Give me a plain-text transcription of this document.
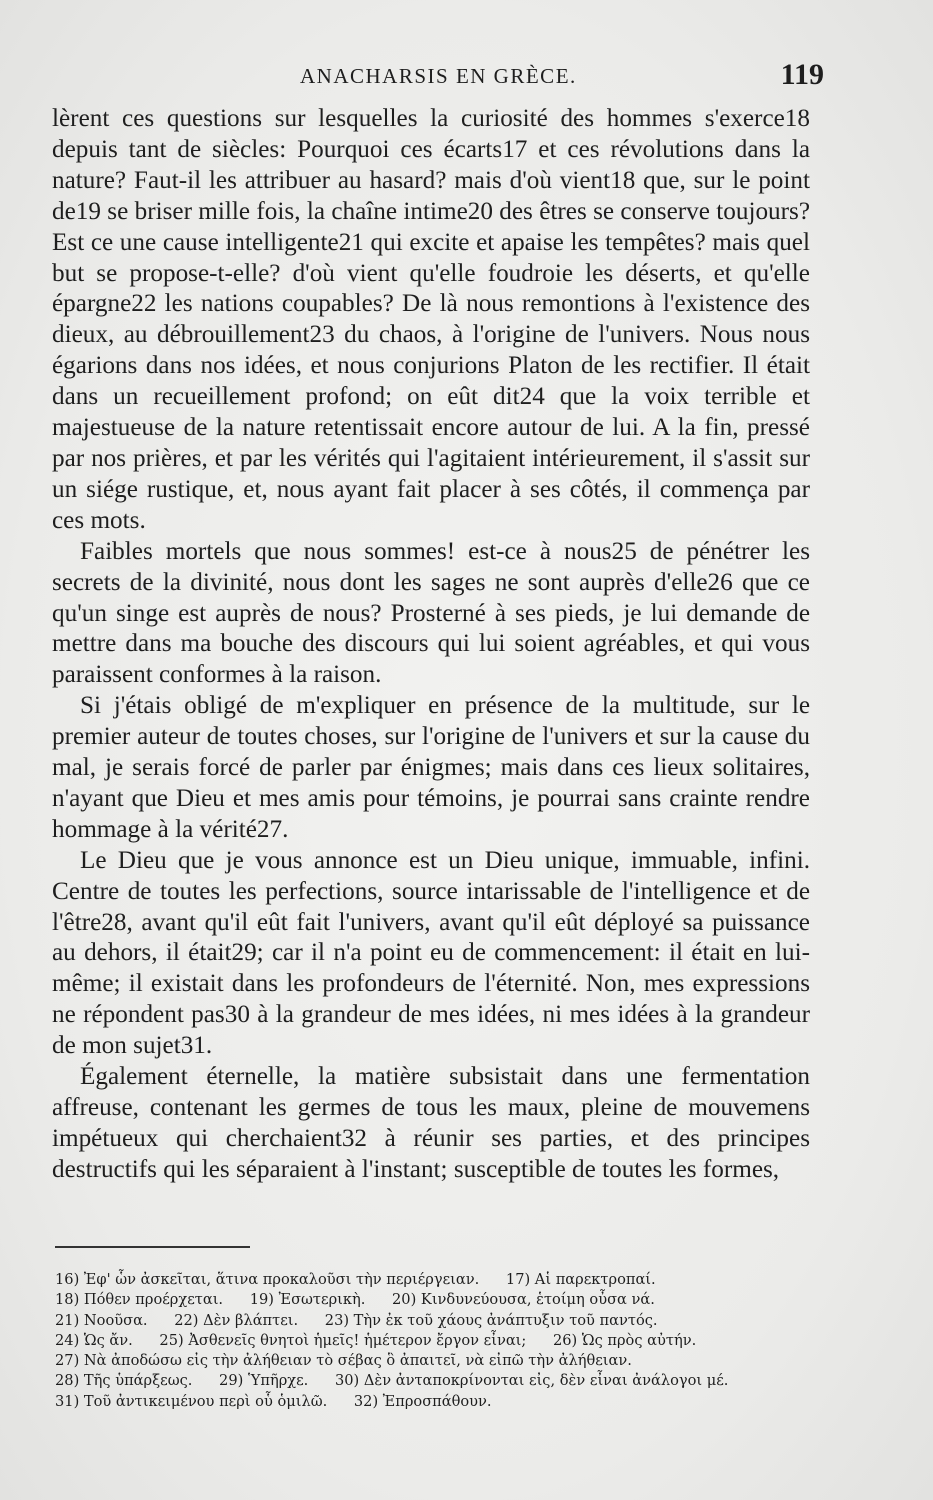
ANACHARSIS EN GRÈCE.	119

lèrent ces questions sur lesquelles la curiosité des hommes s'exerce18 depuis tant de siècles: Pourquoi ces écarts17 et ces révolutions dans la nature? Faut-il les attribuer au hasard? mais d'où vient18 que, sur le point de19 se briser mille fois, la chaîne intime20 des êtres se conserve toujours? Est ce une cause intelligente21 qui excite et apaise les tempêtes? mais quel but se propose-t-elle? d'où vient qu'elle foudroie les déserts, et qu'elle épargne22 les nations coupables? De là nous remontions à l'existence des dieux, au débrouillement23 du chaos, à l'origine de l'univers. Nous nous égarions dans nos idées, et nous conjurions Platon de les rectifier. Il était dans un recueillement profond; on eût dit24 que la voix terrible et majestueuse de la nature retentissait encore autour de lui. A la fin, pressé par nos prières, et par les vérités qui l'agitaient intérieurement, il s'assit sur un siége rustique, et, nous ayant fait placer à ses côtés, il commença par ces mots.

Faibles mortels que nous sommes! est-ce à nous25 de pénétrer les secrets de la divinité, nous dont les sages ne sont auprès d'elle26 que ce qu'un singe est auprès de nous? Prosterné à ses pieds, je lui demande de mettre dans ma bouche des discours qui lui soient agréables, et qui vous paraissent conformes à la raison.

Si j'étais obligé de m'expliquer en présence de la multitude, sur le premier auteur de toutes choses, sur l'origine de l'univers et sur la cause du mal, je serais forcé de parler par énigmes; mais dans ces lieux solitaires, n'ayant que Dieu et mes amis pour témoins, je pourrai sans crainte rendre hommage à la vérité27.

Le Dieu que je vous annonce est un Dieu unique, immuable, infini. Centre de toutes les perfections, source intarissable de l'intelligence et de l'être28, avant qu'il eût fait l'univers, avant qu'il eût déployé sa puissance au dehors, il était29; car il n'a point eu de commencement: il était en lui-même; il existait dans les profondeurs de l'éternité. Non, mes expressions ne répondent pas30 à la grandeur de mes idées, ni mes idées à la grandeur de mon sujet31.

Également éternelle, la matière subsistait dans une fermentation affreuse, contenant les germes de tous les maux, pleine de mouvemens impétueux qui cherchaient32 à réunir ses parties, et des principes destructifs qui les séparaient à l'instant; susceptible de toutes les formes,

16) Ἐφ' ὧν ἀσκεῖται, ἅτινα προκαλοῦσι τὴν περιέργειαν. 17) Αἱ παρεκτροπαί.
18) Πόθεν προέρχεται. 19) Ἐσωτερικὴ. 20) Κινδυνεύουσα, ἑτοίμη οὖσα νά.
21) Νοοῦσα. 22) Δὲν βλάπτει. 23) Τὴν ἐκ τοῦ χάους ἀνάπτυξιν τοῦ παντός.
24) Ὡς ἄν. 25) Ἀσθενεῖς θνητοὶ ἡμεῖς! ἡμέτερον ἔργον εἶναι; 26) Ὡς πρὸς αὐτήν.
27) Νὰ ἀποδώσω εἰς τὴν ἀλήθειαν τὸ σέβας ὃ ἀπαιτεῖ, νὰ εἰπῶ τὴν ἀλήθειαν.
28) Τῆς ὑπάρξεως. 29) Ὑπῆρχε. 30) Δὲν ἀνταποκρίνονται εἰς, δὲν εἶναι ἀνάλογοι μέ.
31) Τοῦ ἀντικειμένου περὶ οὗ ὁμιλῶ. 32) Ἐπροσπάθουν.
